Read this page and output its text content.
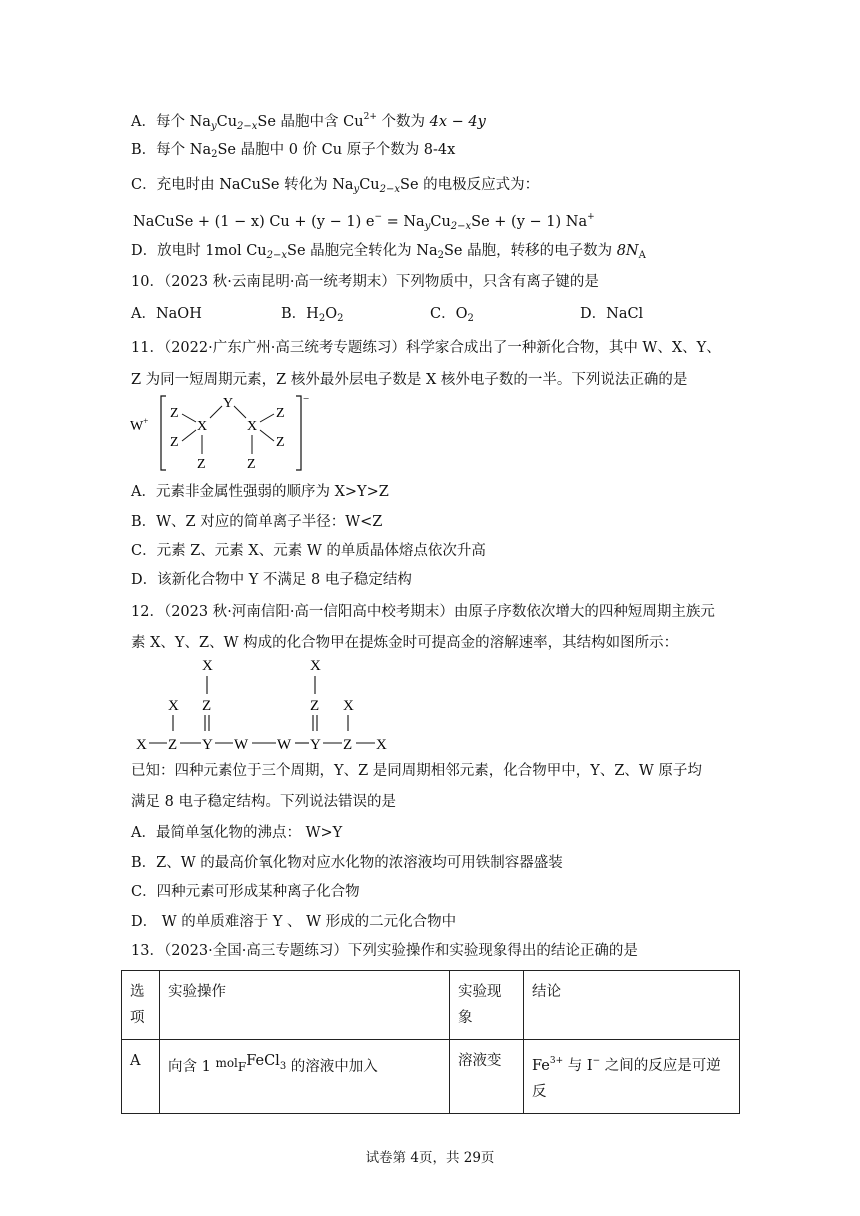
A．每个 $Na_yCu_{2-x}Se$ 晶胞中含 $Cu^{2+}$ 个数为 4x − 4y
B．每个 $Na_2Se$ 晶胞中 0 价 Cu 原子个数为 8-4x
C．充电时由 NaCuSe 转化为 $Na_yCu_{2-x}Se$ 的电极反应式为：
NaCuSe + (1 − x) Cu + (y − 1) $e^- = Na_yCu_{2-x}Se + (y - 1)$ Na+
D．放电时 1mol $Cu_{2-x}Se$ 晶胞完全转化为 $Na_2Se$ 晶胞，转移的电子数为 $8N_A$
10．（2023 秋·云南昆明·高一统考期末）下列物质中，只含有离子键的是
A．NaOH	B．$H_2O_2$	C．$O_2$	D．NaCl
11．（2022·广东广州·高三统考专题练习）科学家合成出了一种新化合物，其中 W、X、Y、
Z 为同一短周期元素，Z 核外最外层电子数是 X 核外电子数的一半。下列说法正确的是
W+
−
Y
X	X
Z
Z
Z
Z
Z
Z
A．元素非金属性强弱的顺序为 X>Y>Z
B．W、Z 对应的简单离子半径：W<Z
C．元素 Z、元素 X、元素 W 的单质晶体熔点依次升高
D．该新化合物中 Y 不满足 8 电子稳定结构
12．（2023 秋·河南信阳·高一信阳高中校考期末）由原子序数依次增大的四种短周期主族元
素 X、Y、Z、W 构成的化合物甲在提炼金时可提高金的溶解速率，其结构如图所示：
X Z Y W W Y Z X
X
Z
X
X
Z X
已知：四种元素位于三个周期，Y、Z 是同周期相邻元素，化合物甲中，Y、Z、W 原子均
满足 8 电子稳定结构。下列说法错误的是
A．最简单氢化物的沸点： W>Y
B．Z、W 的最高价氧化物对应水化物的浓溶液均可用铁制容器盛装
C．四种元素可形成某种离子化合物
D． W 的单质难溶于 Y 、 W 形成的二元化合物中
13．（2023·全国·高三专题练习）下列实验操作和实验现象得出的结论正确的是
选项	实验操作	实验现象	结论
A	向含 1 $^{mol}$FFeCl$^3$ 的溶液中加入	溶液变	$Fe^{3+}$ 与 I− 之间的反应是可逆反
试卷第 4页，共 29页
